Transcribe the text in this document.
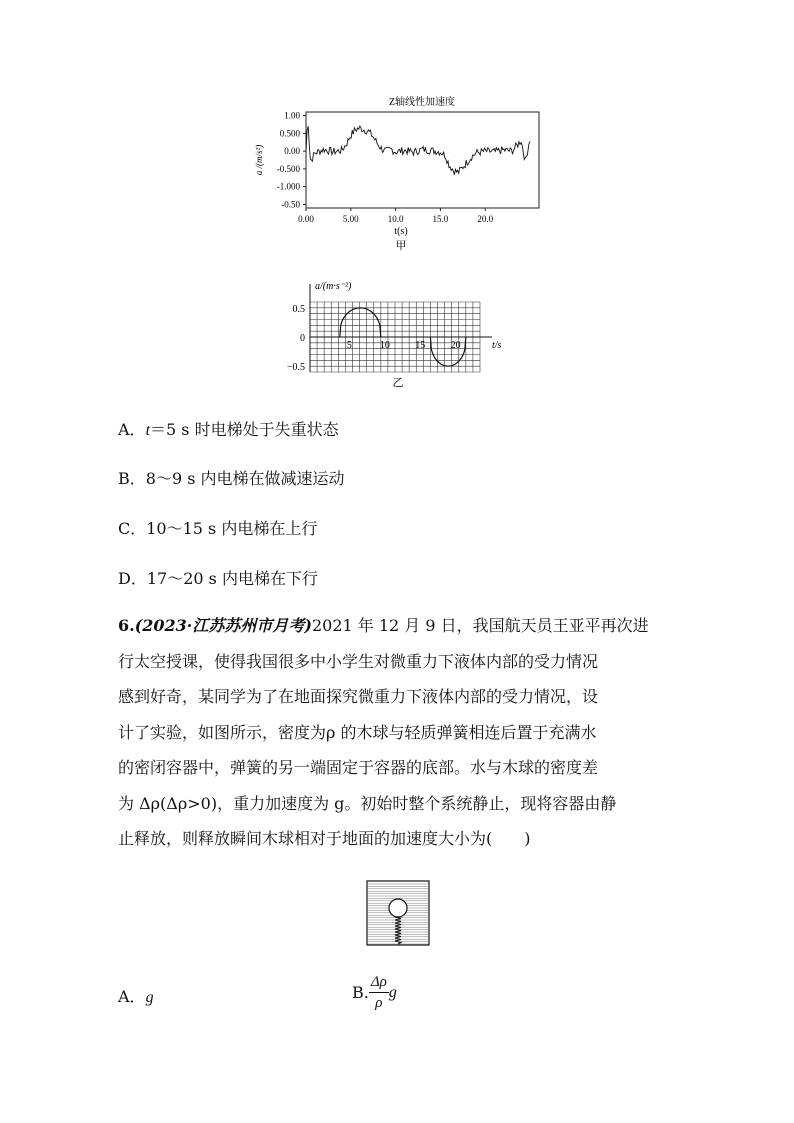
Z轴线性加速度
1.00
0.500
0.00
-0.500
-1.000
-0.50
0.00	5.00	10.0	15.0	20.0
a /(m/s²)
t(s)
甲
a/(m·s⁻²)
t/s
乙
0.5
0
−0.5
5	10	15	20
A．t＝5 s 时电梯处于失重状态
B．8～9 s 内电梯在做减速运动
C．10～15 s 内电梯在上行
D．17～20 s 内电梯在下行
6.(2023·江苏苏州市月考)2021 年 12 月 9 日，我国航天员王亚平再次进
行太空授课，使得我国很多中小学生对微重力下液体内部的受力情况
感到好奇，某同学为了在地面探究微重力下液体内部的受力情况，设
计了实验，如图所示，密度为ρ 的木球与轻质弹簧相连后置于充满水
的密闭容器中，弹簧的另一端固定于容器的底部。水与木球的密度差
为 Δρ(Δρ>0)，重力加速度为 g。初始时整个系统静止，现将容器由静
止释放，则释放瞬间木球相对于地面的加速度大小为(　　)
A．g	B. $\frac{\Delta\rho}{\rho}$ g
